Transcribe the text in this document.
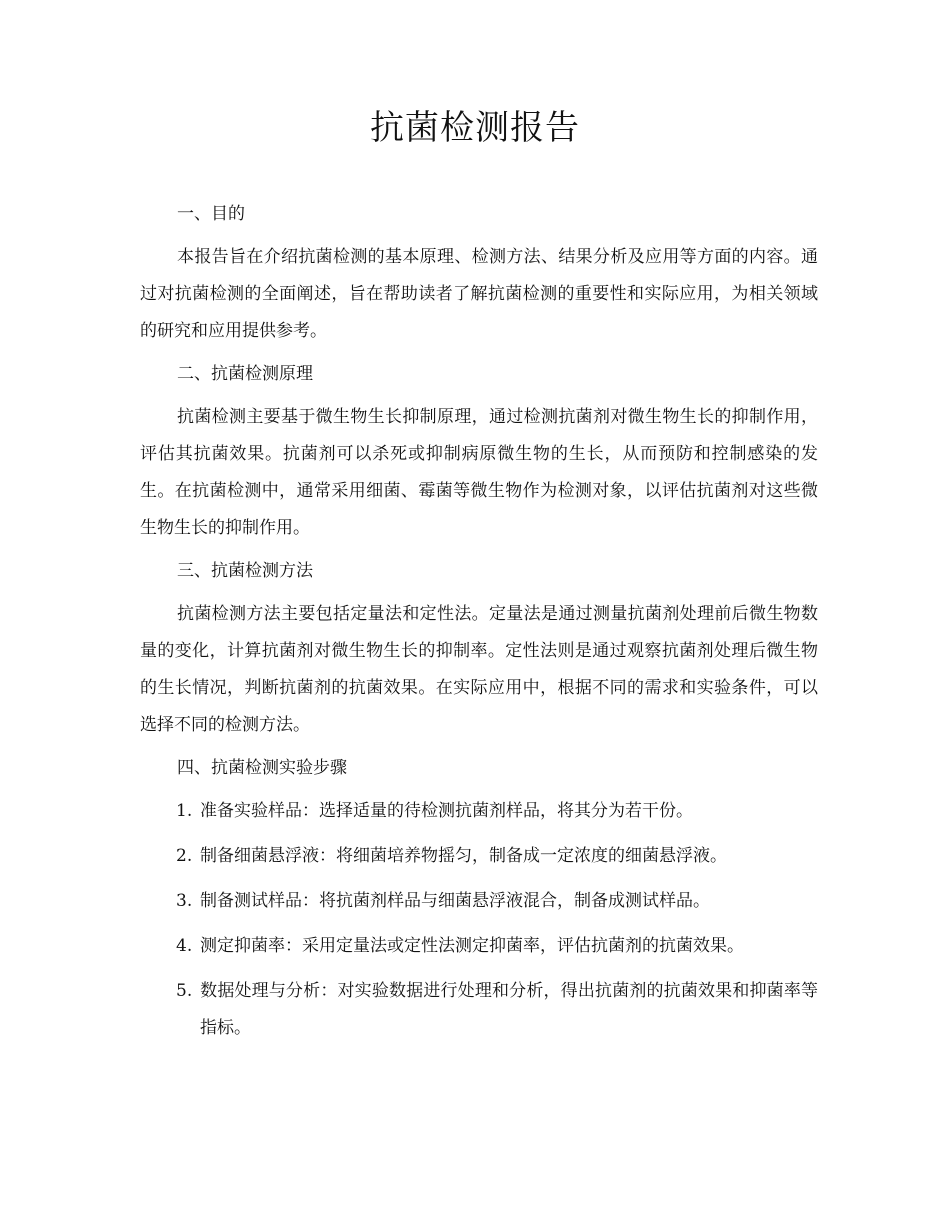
抗菌检测报告

一、目的

本报告旨在介绍抗菌检测的基本原理、检测方法、结果分析及应用等方面的内容。通过对抗菌检测的全面阐述，旨在帮助读者了解抗菌检测的重要性和实际应用，为相关领域的研究和应用提供参考。

二、抗菌检测原理

抗菌检测主要基于微生物生长抑制原理，通过检测抗菌剂对微生物生长的抑制作用，评估其抗菌效果。抗菌剂可以杀死或抑制病原微生物的生长，从而预防和控制感染的发生。在抗菌检测中，通常采用细菌、霉菌等微生物作为检测对象，以评估抗菌剂对这些微生物生长的抑制作用。

三、抗菌检测方法

抗菌检测方法主要包括定量法和定性法。定量法是通过测量抗菌剂处理前后微生物数量的变化，计算抗菌剂对微生物生长的抑制率。定性法则是通过观察抗菌剂处理后微生物的生长情况，判断抗菌剂的抗菌效果。在实际应用中，根据不同的需求和实验条件，可以选择不同的检测方法。

四、抗菌检测实验步骤

1. 准备实验样品：选择适量的待检测抗菌剂样品，将其分为若干份。
2. 制备细菌悬浮液：将细菌培养物摇匀，制备成一定浓度的细菌悬浮液。
3. 制备测试样品：将抗菌剂样品与细菌悬浮液混合，制备成测试样品。
4. 测定抑菌率：采用定量法或定性法测定抑菌率，评估抗菌剂的抗菌效果。
5. 数据处理与分析：对实验数据进行处理和分析，得出抗菌剂的抗菌效果和抑菌率等指标。
